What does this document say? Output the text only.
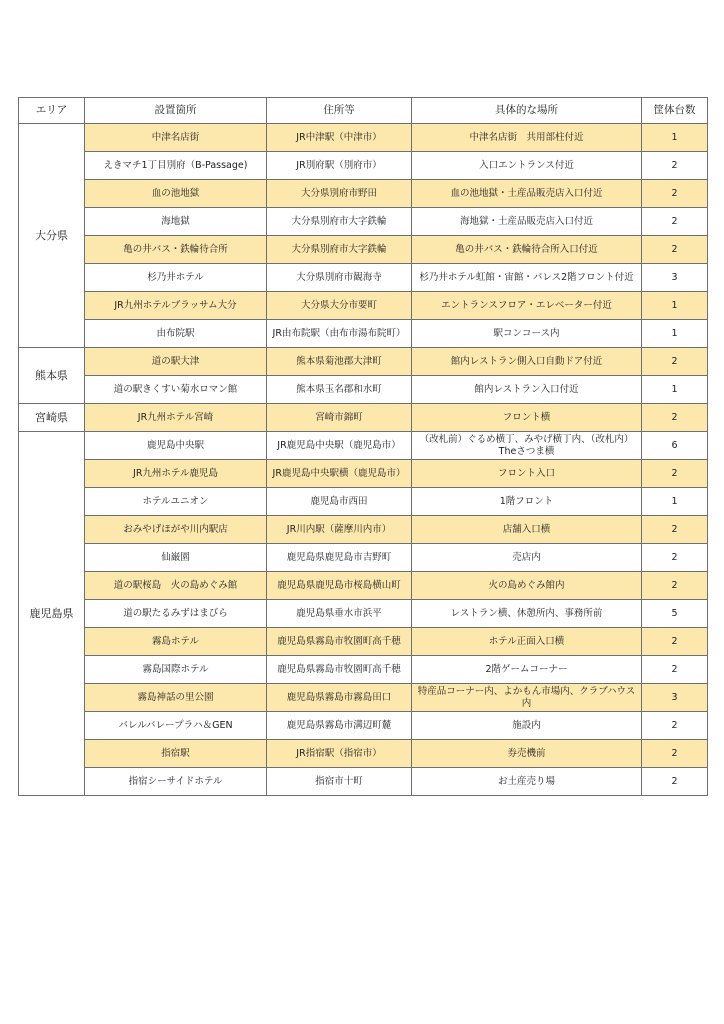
エリア	設置箇所	住所等	具体的な場所	筐体台数
大分県	中津名店街	JR中津駅（中津市）	中津名店街　共用部柱付近	1
	えきマチ1丁目別府（B-Passage)	JR別府駅（別府市）	入口エントランス付近	2
	血の池地獄	大分県別府市野田	血の池地獄・土産品販売店入口付近	2
	海地獄	大分県別府市大字鉄輪	海地獄・土産品販売店入口付近	2
	亀の井バス・鉄輪待合所	大分県別府市大字鉄輪	亀の井バス・鉄輪待合所入口付近	2
	杉乃井ホテル	大分県別府市観海寺	杉乃井ホテル虹館・宙館・バレス2階フロント付近	3
	JR九州ホテルブラッサム大分	大分県大分市要町	エントランスフロア・エレベーター付近	1
	由布院駅	JR由布院駅（由布市湯布院町）	駅コンコース内	1
熊本県	道の駅大津	熊本県菊池郡大津町	館内レストラン側入口自動ドア付近	2
	道の駅きくすい菊水ロマン館	熊本県玉名郡和水町	館内レストラン入口付近	1
宮崎県	JR九州ホテル宮崎	宮崎市錦町	フロント横	2
鹿児島県	鹿児島中央駅	JR鹿児島中央駅（鹿児島市）	（改札前）ぐるめ横丁、みやげ横丁内、（改札内）Theさつま横	6
	JR九州ホテル鹿児島	JR鹿児島中央駅横（鹿児島市）	フロント入口	2
	ホテルユニオン	鹿児島市西田	1階フロント	1
	おみやげほがや川内駅店	JR川内駅（薩摩川内市）	店舗入口横	2
	仙巌園	鹿児島県鹿児島市吉野町	売店内	2
	道の駅桜島　火の島めぐみ館	鹿児島県鹿児島市桜島横山町	火の島めぐみ館内	2
	道の駅たるみずはまびら	鹿児島県垂水市浜平	レストラン横、休憩所内、事務所前	5
	霧島ホテル	鹿児島県霧島市牧園町高千穂	ホテル正面入口横	2
	霧島国際ホテル	鹿児島県霧島市牧園町高千穂	2階ゲームコーナー	2
	霧島神話の里公園	鹿児島県霧島市霧島田口	特産品コーナー内、よかもん市場内、クラブハウス内	3
	バレルバレープラハ＆GEN	鹿児島県霧島市溝辺町麓	施設内	2
	指宿駅	JR指宿駅（指宿市）	券売機前	2
	指宿シーサイドホテル	指宿市十町	お土産売り場	2
